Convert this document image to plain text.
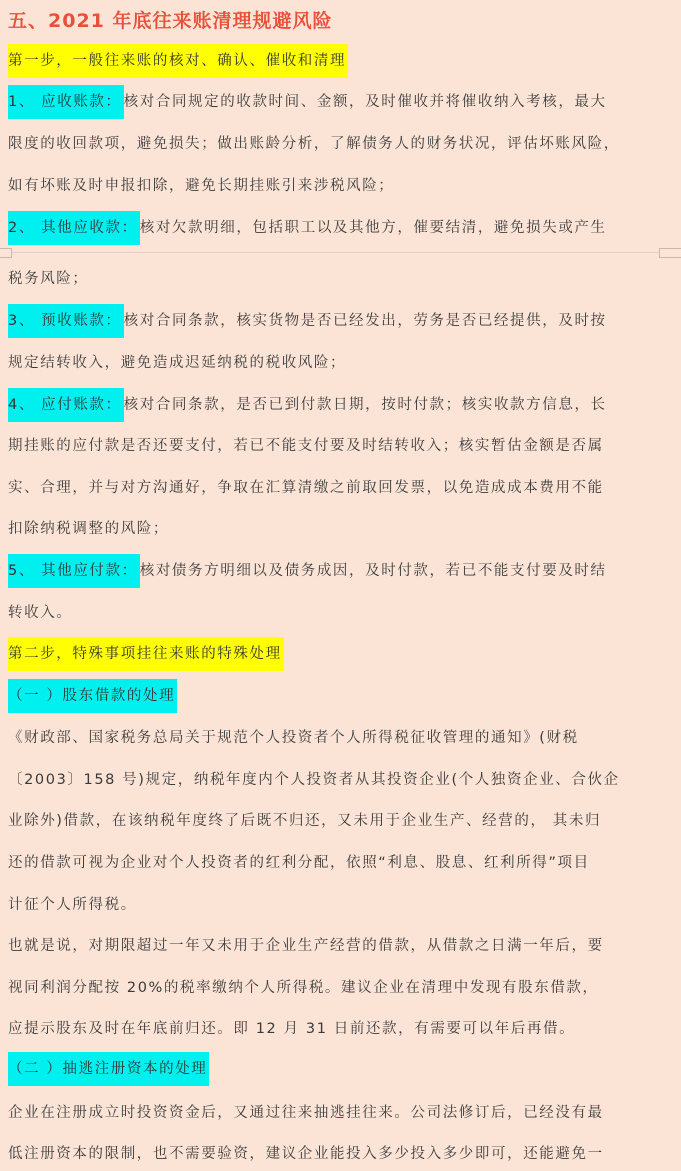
五、2021 年底往来账清理规避风险
第一步，一般往来账的核对、确认、催收和清理
1、 应收账款： 核对合同规定的收款时间、金额，及时催收并将催收纳入考核，最大
限度的收回款项，避免损失；做出账龄分析，了解债务人的财务状况，评估坏账风险，
如有坏账及时申报扣除，避免长期挂账引来涉税风险；
2、 其他应收款： 核对欠款明细，包括职工以及其他方，催要结清，避免损失或产生
税务风险；
3、 预收账款： 核对合同条款，核实货物是否已经发出，劳务是否已经提供，及时按
规定结转收入，避免造成迟延纳税的税收风险；
4、 应付账款： 核对合同条款，是否已到付款日期，按时付款；核实收款方信息，长
期挂账的应付款是否还要支付，若已不能支付要及时结转收入；核实暂估金额是否属
实、合理，并与对方沟通好，争取在汇算清缴之前取回发票，以免造成成本费用不能
扣除纳税调整的风险；
5、 其他应付款： 核对债务方明细以及债务成因，及时付款，若已不能支付要及时结
转收入。
第二步，特殊事项挂往来账的特殊处理
（一 ）股东借款的处理
《财政部、国家税务总局关于规范个人投资者个人所得税征收管理的通知》(财税
〔2003〕158 号)规定，纳税年度内个人投资者从其投资企业(个人独资企业、合伙企
业除外)借款，在该纳税年度终了后既不归还，又未用于企业生产、经营的， 其未归
还的借款可视为企业对个人投资者的红利分配，依照“利息、股息、红利所得”项目
计征个人所得税。
也就是说，对期限超过一年又未用于企业生产经营的借款，从借款之日满一年后，要
视同利润分配按 20%的税率缴纳个人所得税。建议企业在清理中发现有股东借款，
应提示股东及时在年底前归还。即 12 月 31 日前还款，有需要可以年后再借。
（二 ）抽逃注册资本的处理
企业在注册成立时投资资金后，又通过往来抽逃挂往来。公司法修订后，已经没有最
低注册资本的限制，也不需要验资，建议企业能投入多少投入多少即可，还能避免一
